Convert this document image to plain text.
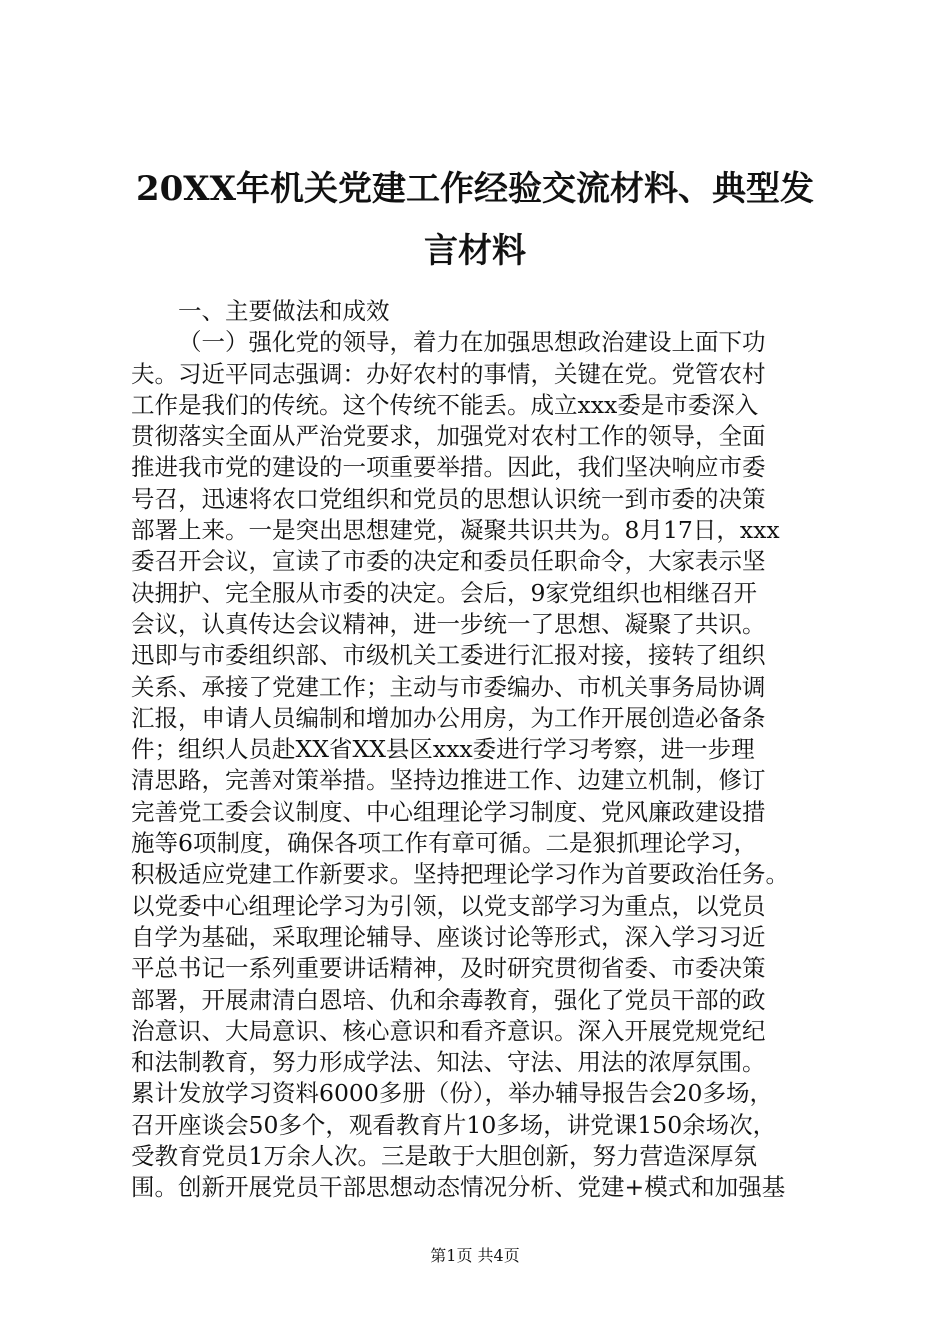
20XX年机关党建工作经验交流材料、典型发
言材料
一、主要做法和成效
（一）强化党的领导，着力在加强思想政治建设上面下功
夫。习近平同志强调：办好农村的事情，关键在党。党管农村
工作是我们的传统。这个传统不能丢。成立xxx委是市委深入
贯彻落实全面从严治党要求，加强党对农村工作的领导，全面
推进我市党的建设的一项重要举措。因此，我们坚决响应市委
号召，迅速将农口党组织和党员的思想认识统一到市委的决策
部署上来。一是突出思想建党，凝聚共识共为。8月17日，xxx
委召开会议，宣读了市委的决定和委员任职命令，大家表示坚
决拥护、完全服从市委的决定。会后，9家党组织也相继召开
会议，认真传达会议精神，进一步统一了思想、凝聚了共识。
迅即与市委组织部、市级机关工委进行汇报对接，接转了组织
关系、承接了党建工作；主动与市委编办、市机关事务局协调
汇报，申请人员编制和增加办公用房，为工作开展创造必备条
件；组织人员赴XX省XX县区xxx委进行学习考察，进一步理
清思路，完善对策举措。坚持边推进工作、边建立机制，修订
完善党工委会议制度、中心组理论学习制度、党风廉政建设措
施等6项制度，确保各项工作有章可循。二是狠抓理论学习，
积极适应党建工作新要求。坚持把理论学习作为首要政治任务。
以党委中心组理论学习为引领，以党支部学习为重点，以党员
自学为基础，采取理论辅导、座谈讨论等形式，深入学习习近
平总书记一系列重要讲话精神，及时研究贯彻省委、市委决策
部署，开展肃清白恩培、仇和余毒教育，强化了党员干部的政
治意识、大局意识、核心意识和看齐意识。深入开展党规党纪
和法制教育，努力形成学法、知法、守法、用法的浓厚氛围。
累计发放学习资料6000多册（份），举办辅导报告会20多场，
召开座谈会50多个，观看教育片10多场，讲党课150余场次，
受教育党员1万余人次。三是敢于大胆创新，努力营造深厚氛
围。创新开展党员干部思想动态情况分析、党建+模式和加强基
第1页 共4页
